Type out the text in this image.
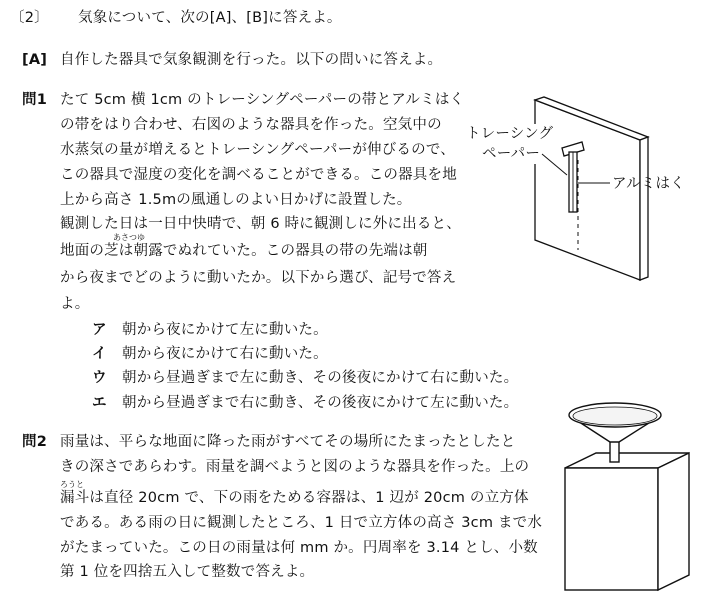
〔2〕 気象について、次の[A]、[B]に答えよ。
[A] 自作した器具で気象観測を行った。以下の問いに答えよ。
問1 たて 5cm 横 1cm のトレーシングペーパーの帯とアルミはく
の帯をはり合わせ、右図のような器具を作った。空気中の
水蒸気の量が増えるとトレーシングペーパーが伸びるので、
この器具で湿度の変化を調べることができる。この器具を地
上から高さ 1.5mの風通しのよい日かげに設置した。
観測した日は一日中快晴で、朝 6 時に観測しに外に出ると、
あさつゆ
地面の芝は朝露でぬれていた。この器具の帯の先端は朝
から夜までどのように動いたか。以下から選び、記号で答え
よ。
ア 朝から夜にかけて左に動いた。
イ 朝から夜にかけて右に動いた。
ウ 朝から昼過ぎまで左に動き、その後夜にかけて右に動いた。
エ 朝から昼過ぎまで右に動き、その後夜にかけて左に動いた。
問2 雨量は、平らな地面に降った雨がすべてその場所にたまったとしたと
きの深さであらわす。雨量を調べようと図のような器具を作った。上の
ろうと
漏斗は直径 20cm で、下の雨をためる容器は、1 辺が 20cm の立方体
である。ある雨の日に観測したところ、1 日で立方体の高さ 3cm まで水
がたまっていた。この日の雨量は何 mm か。円周率を 3.14 とし、小数
第 1 位を四捨五入して整数で答えよ。
トレーシング
ペーパー
アルミはく
